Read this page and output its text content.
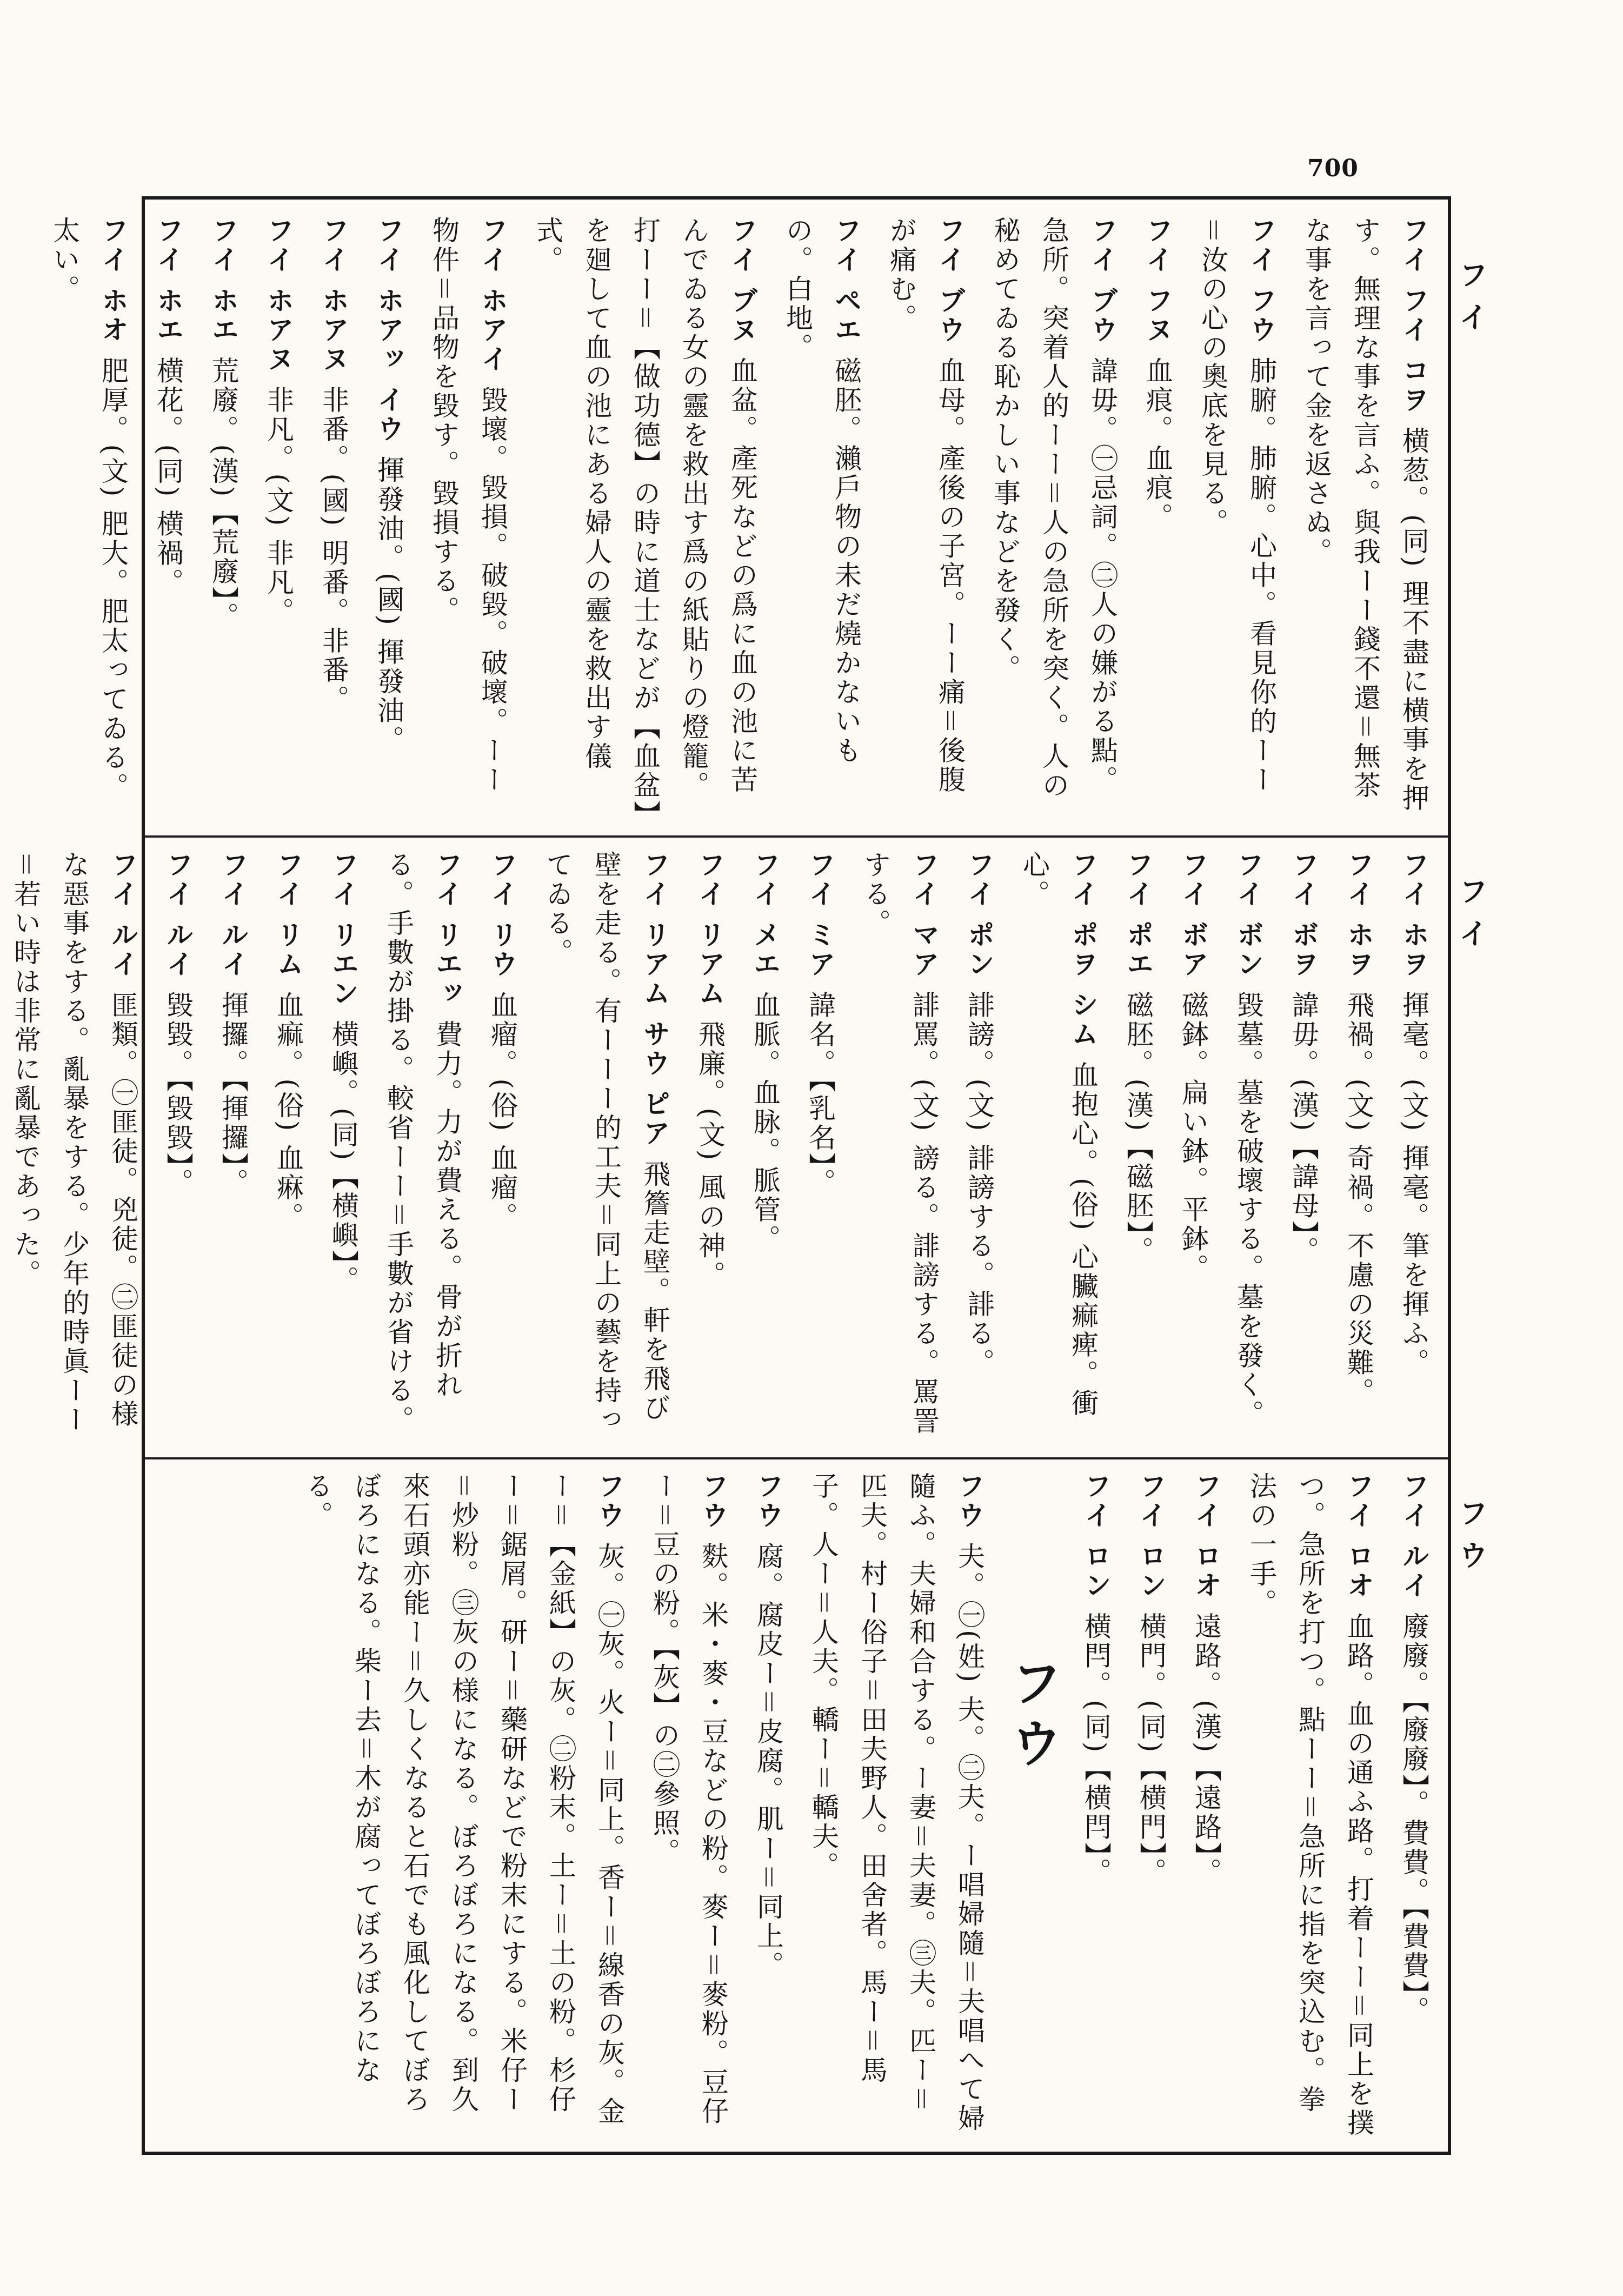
700
フイ
フイ
フウ
フイ フイ コヲ横䓤。(同) 理不盡に横事を押す。無理な事を言ふ。與我ーー錢不還＝無茶な事を言って金を返さぬ。
フイ フウ肺腑。肺腑。心中。看見你的ーー＝汝の心の奧底を見る。
フイ フヌ血痕。血痕。
フイ ブウ諱毋。㊀忌詞。㊁人の嫌がる點。急所。突着人的ーー＝人の急所を突く。人の秘めてゐる恥かしい事などを發く。
フイ ブウ血母。產後の子宮。ーー痛＝後腹が痛む。
フイ ペエ磁胚。瀨戶物の未だ燒かないもの。白地。
フイ ブヌ血盆。產死などの爲に血の池に苦んでゐる女の靈を救出す爲の紙貼りの燈籠。打ーー＝【做功德】の時に道士などが【血盆】を廻して血の池にある婦人の靈を救出す儀式。
フイ ホアイ毀壞。毀損。破毀。破壞。ーー物件＝品物を毀す。毀損する。
フイ ホアッ イウ揮發油。(國) 揮發油。
フイ ホアヌ非番。(國) 明番。非番。
フイ ホアヌ非凡。(文) 非凡。
フイ ホエ荒廢。(漢)【荒廢】。
フイ ホエ横花。(同) 横禍。
フイ ホオ肥厚。(文) 肥大。肥太ってゐる。太い。
フイ ホヲ揮毫。(文) 揮毫。筆を揮ふ。
フイ ホヲ飛禍。(文) 奇禍。不慮の災難。
フイ ボヲ諱毋。(漢)【諱母】。
フイ ボン毀墓。墓を破壞する。墓を發く。
フイ ボア磁鉢。扁い鉢。平鉢。
フイ ポエ磁胚。(漢)【磁胚】。
フイ ポヲ シム血抱心。(俗) 心臟痲痺。衝心。
フイ ポン誹謗。(文) 誹謗する。誹る。
フイ マア誹罵。(文) 謗る。誹謗する。罵詈する。
フイ ミア諱名。【乳名】。
フイ メエ血脈。血脉。脈管。
フイ リアム飛廉。(文) 風の神。
フイ リアム サウ ピア飛簷走壁。軒を飛び壁を走る。有ーーー的工夫＝同上の藝を持ってゐる。
フイ リウ血瘤。(俗) 血瘤。
フイ リエッ費力。力が費える。骨が折れる。手數が掛る。較省ーー＝手數が省ける。
フイ リエン横嶼。(同)【横嶼】。
フイ リム血痲。(俗) 血痳。
フイ ルイ揮攞。【揮攞】。
フイ ルイ毀毀。【毀毀】。
フイ ルイ匪類。㊀匪徒。兇徒。㊁匪徒の様な惡事をする。亂暴をする。少年的時眞ーー＝若い時は非常に亂暴であった。
フイ ルイ廢廢。【廢廢】。費費。【費費】。
フイ ロオ血路。血の通ふ路。打着ーー＝同上を撲つ。急所を打つ。點ーー＝急所に指を突込む。拳法の一手。
フイ ロオ遠路。(漢)【遠路】。
フイ ロン横門。(同)【横門】。
フイ ロン横閂。(同)【横閂】。
フウ
フウ夫。㊀(姓) 夫。㊁夫。ー唱婦隨＝夫唱へて婦隨ふ。夫婦和合する。ー妻＝夫妻。㊂夫。匹ー＝匹夫。村ー俗子＝田夫野人。田舍者。馬ー＝馬子。人ー＝人夫。轎ー＝轎夫。
フウ腐。腐皮ー＝皮腐。肌ー＝同上。
フウ麩。米・麥・豆などの粉。麥ー＝麥粉。豆仔ー＝豆の粉。【灰】の㊁參照。
フウ灰。㊀灰。火ー＝同上。香ー＝線香の灰。金ー＝【金紙】の灰。㊁粉末。土ー＝土の粉。杉仔ー＝鋸屑。研ー＝藥研などで粉末にする。米仔ー＝炒粉。㊂灰の様になる。ぼろぼろになる。到久來石頭亦能ー＝久しくなると石でも風化してぼろぼろになる。柴ー去＝木が腐ってぼろぼろになる。
